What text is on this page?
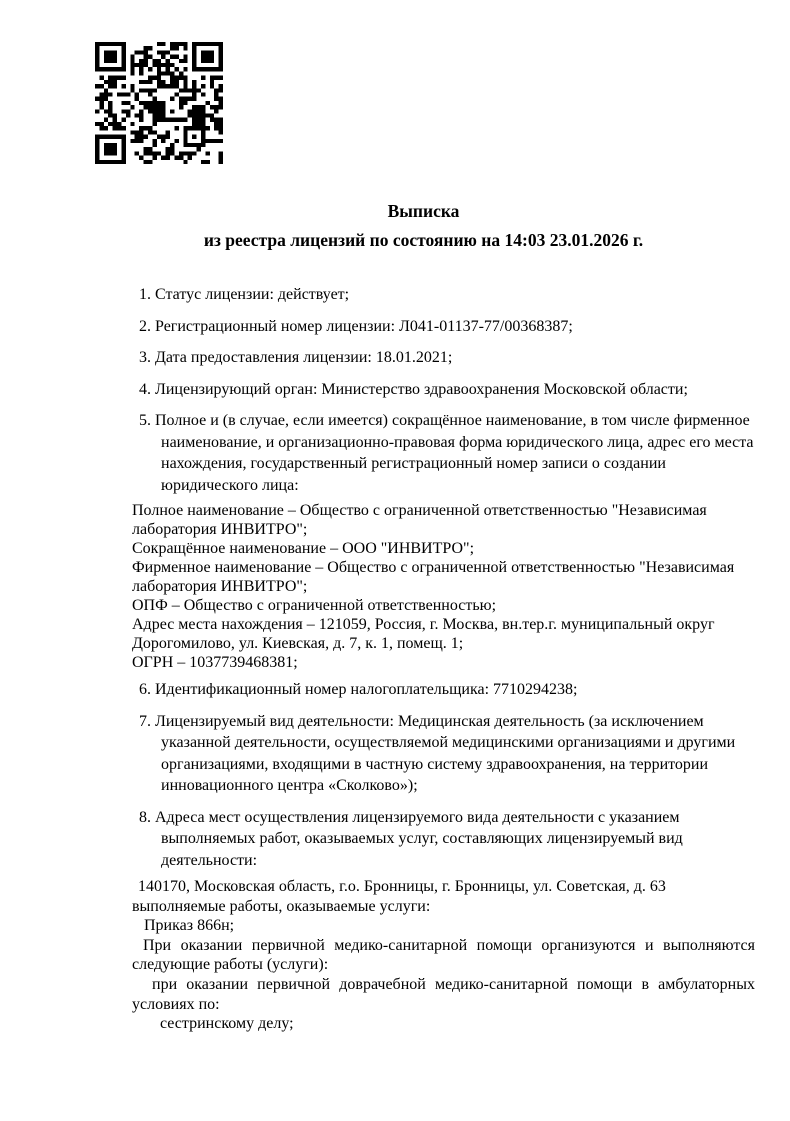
Выписка
из реестра лицензий по состоянию на 14:03 23.01.2026 г.

1. Статус лицензии: действует;

2. Регистрационный номер лицензии: Л041-01137-77/00368387;

3. Дата предоставления лицензии: 18.01.2021;

4. Лицензирующий орган: Министерство здравоохранения Московской области;

5. Полное и (в случае, если имеется) сокращённое наименование, в том числе фирменное наименование, и организационно-правовая форма юридического лица, адрес его места нахождения, государственный регистрационный номер записи о создании юридического лица:

Полное наименование – Общество с ограниченной ответственностью "Независимая лаборатория ИНВИТРО";
Сокращённое наименование – ООО "ИНВИТРО";
Фирменное наименование – Общество с ограниченной ответственностью "Независимая лаборатория ИНВИТРО";
ОПФ – Общество с ограниченной ответственностью;
Адрес места нахождения – 121059, Россия, г. Москва, вн.тер.г. муниципальный округ Дорогомилово, ул. Киевская, д. 7, к. 1, помещ. 1;
ОГРН – 1037739468381;

6. Идентификационный номер налогоплательщика: 7710294238;

7. Лицензируемый вид деятельности: Медицинская деятельность (за исключением указанной деятельности, осуществляемой медицинскими организациями и другими организациями, входящими в частную систему здравоохранения, на территории инновационного центра «Сколково»);

8. Адреса мест осуществления лицензируемого вида деятельности с указанием выполняемых работ, оказываемых услуг, составляющих лицензируемый вид деятельности:

140170, Московская область, г.о. Бронницы, г. Бронницы, ул. Советская, д. 63
выполняемые работы, оказываемые услуги:
Приказ 866н;
При оказании первичной медико-санитарной помощи организуются и выполняются следующие работы (услуги):
при оказании первичной доврачебной медико-санитарной помощи в амбулаторных условиях по:
сестринскому делу;
